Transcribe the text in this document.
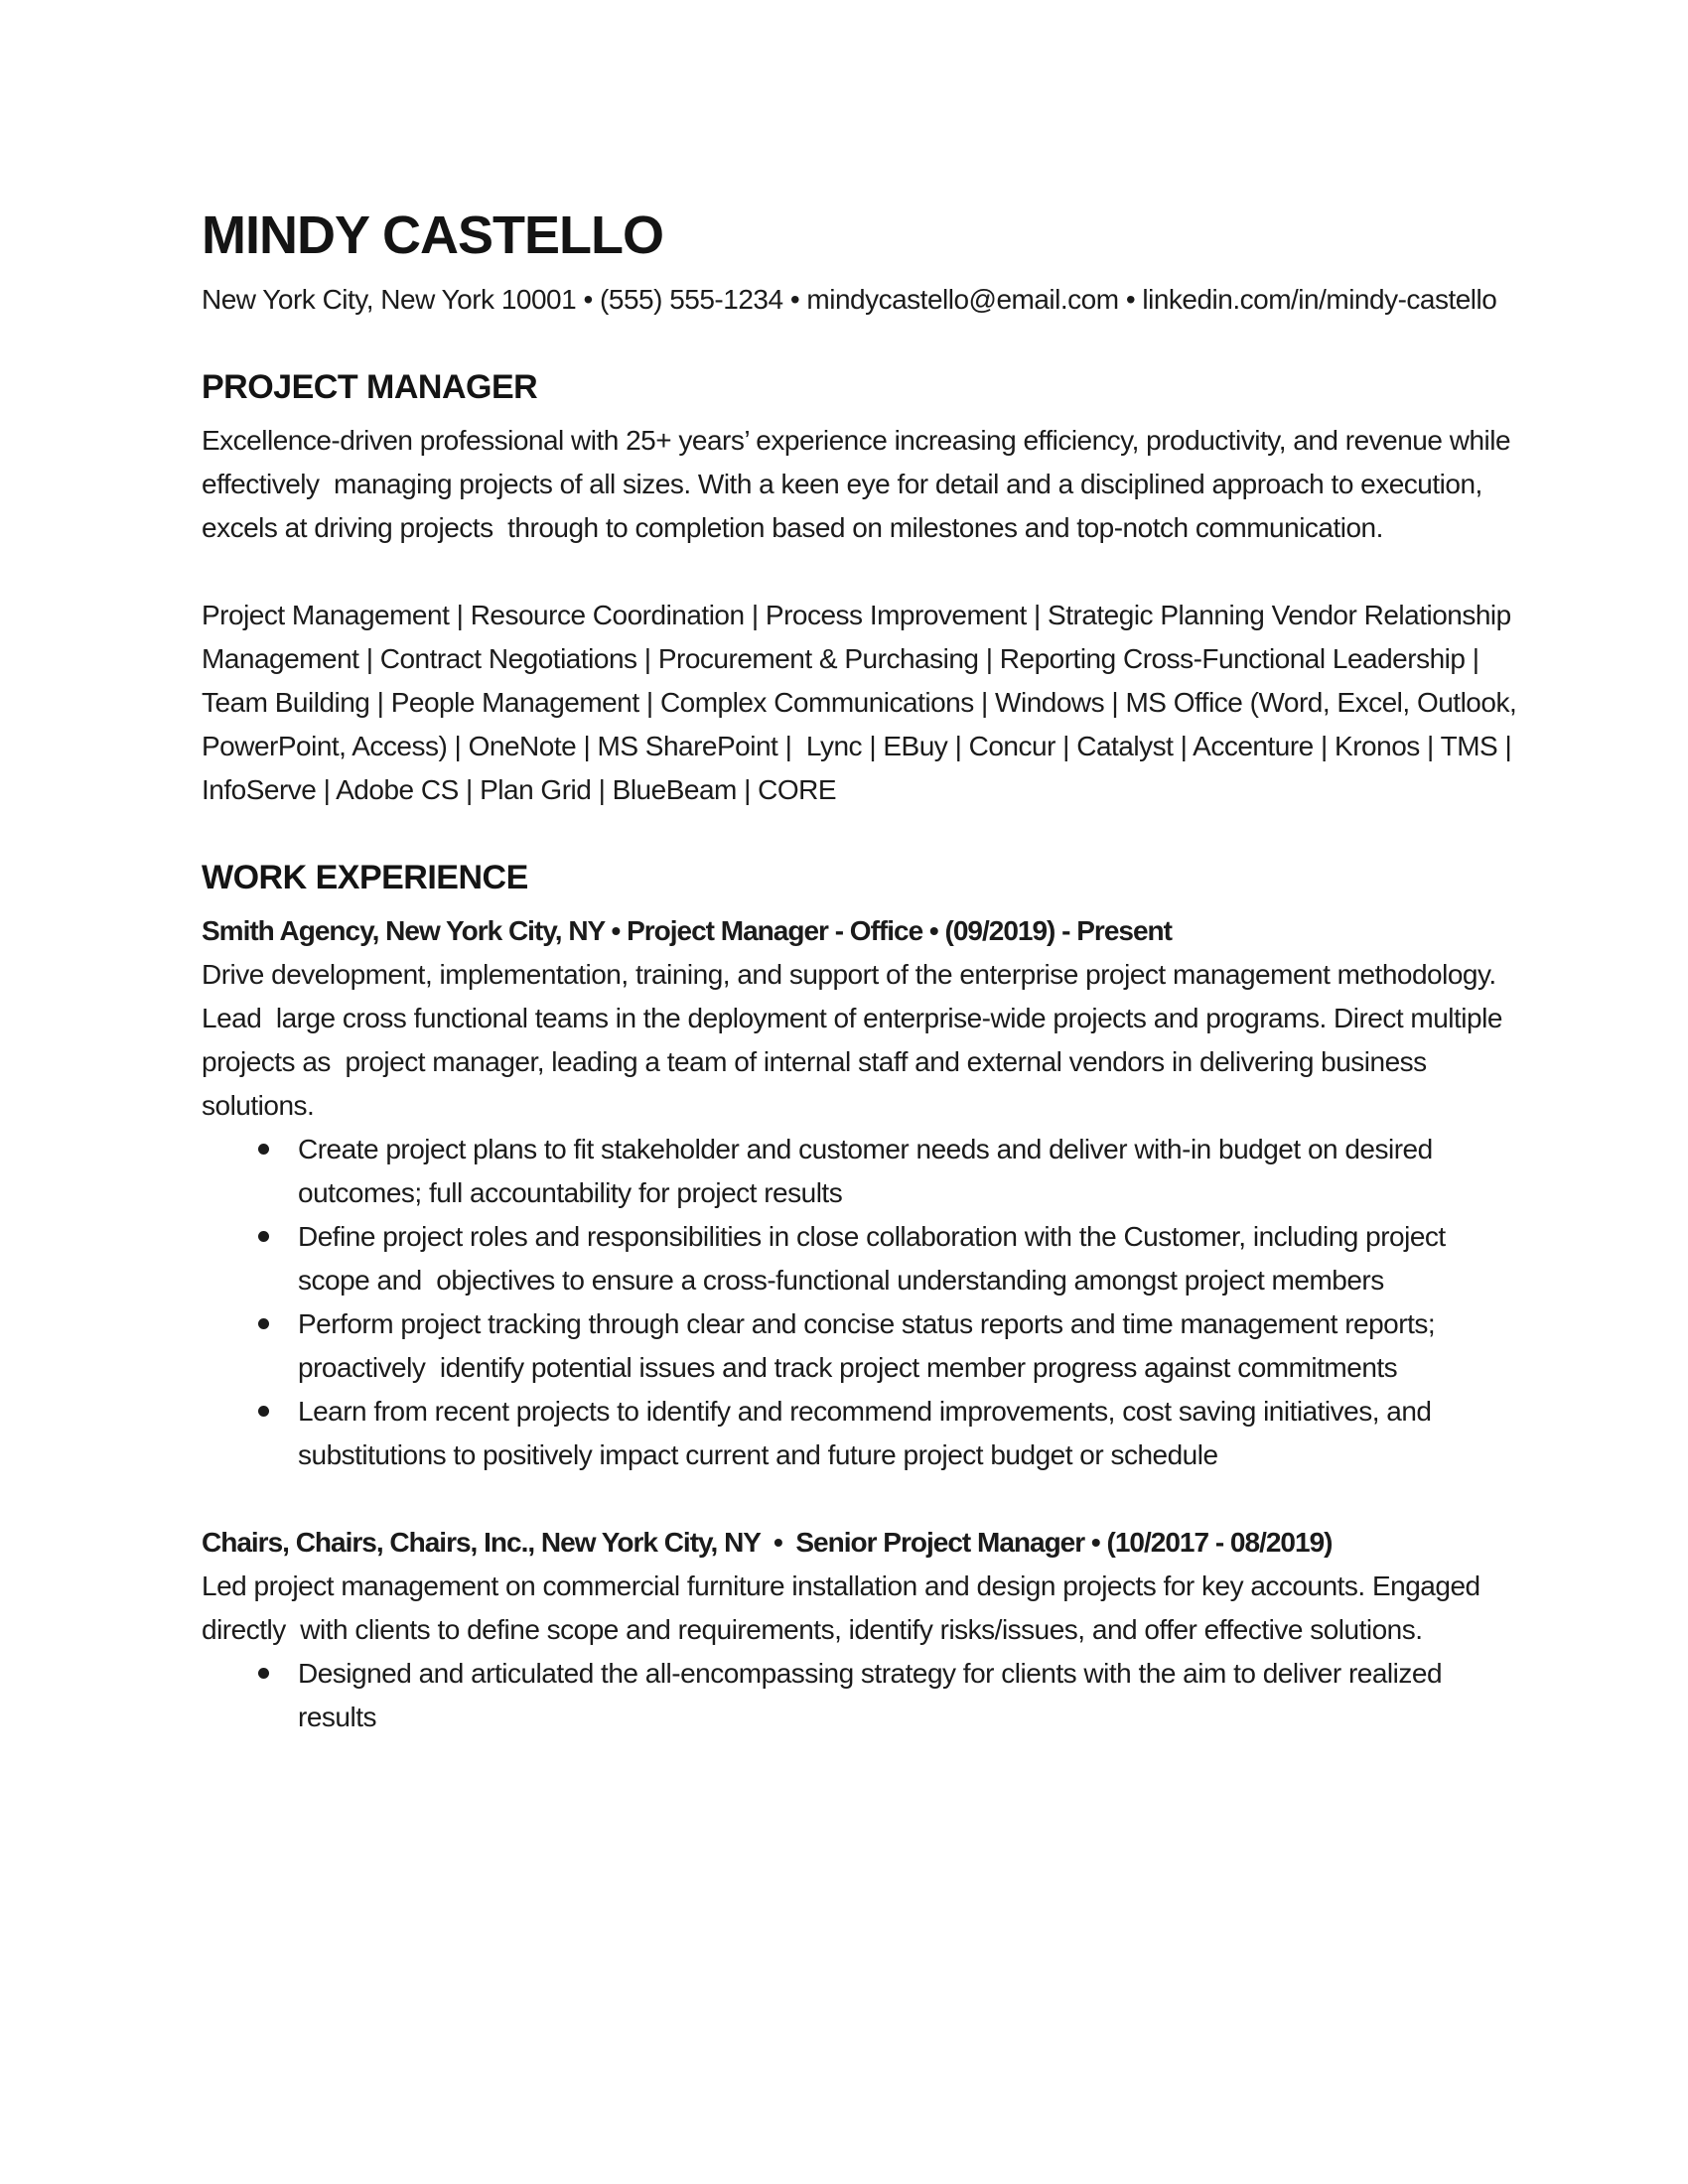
MINDY CASTELLO

New York City, New York 10001 • (555) 555-1234 • mindycastello@email.com • linkedin.com/in/mindy-castello

PROJECT MANAGER

Excellence-driven professional with 25+ years’ experience increasing efficiency, productivity, and revenue while effectively  managing projects of all sizes. With a keen eye for detail and a disciplined approach to execution, excels at driving projects  through to completion based on milestones and top-notch communication.

Project Management | Resource Coordination | Process Improvement | Strategic Planning Vendor Relationship Management | Contract Negotiations | Procurement & Purchasing | Reporting Cross-Functional Leadership | Team Building | People Management | Complex Communications | Windows | MS Office (Word, Excel, Outlook, PowerPoint, Access) | OneNote | MS SharePoint |  Lync | EBuy | Concur | Catalyst | Accenture | Kronos | TMS | InfoServe | Adobe CS | Plan Grid | BlueBeam | CORE

WORK EXPERIENCE

Smith Agency, New York City, NY • Project Manager - Office • (09/2019) - Present

Drive development, implementation, training, and support of the enterprise project management methodology. Lead  large cross functional teams in the deployment of enterprise-wide projects and programs. Direct multiple projects as  project manager, leading a team of internal staff and external vendors in delivering business solutions.

Create project plans to fit stakeholder and customer needs and deliver with-in budget on desired outcomes; full accountability for project results
Define project roles and responsibilities in close collaboration with the Customer, including project scope and  objectives to ensure a cross-functional understanding amongst project members
Perform project tracking through clear and concise status reports and time management reports; proactively  identify potential issues and track project member progress against commitments
Learn from recent projects to identify and recommend improvements, cost saving initiatives, and substitutions to positively impact current and future project budget or schedule

Chairs, Chairs, Chairs, Inc., New York City, NY  •  Senior Project Manager • (10/2017 - 08/2019)

Led project management on commercial furniture installation and design projects for key accounts. Engaged directly  with clients to define scope and requirements, identify risks/issues, and offer effective solutions.

Designed and articulated the all-encompassing strategy for clients with the aim to deliver realized results
